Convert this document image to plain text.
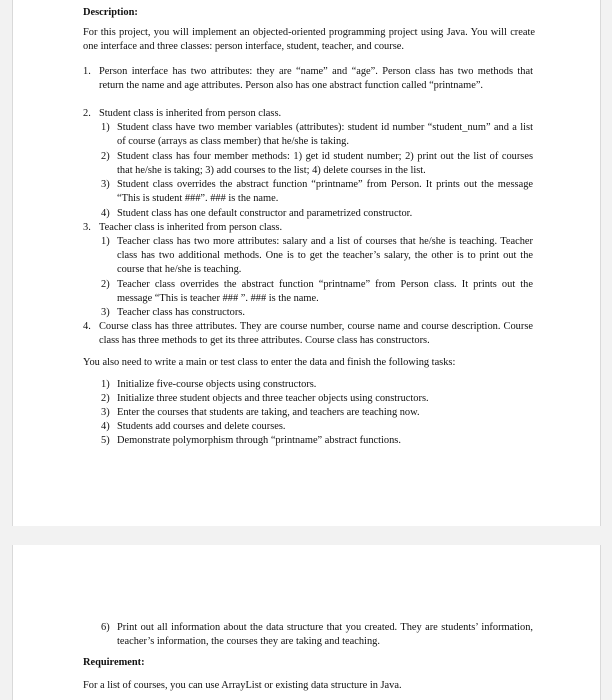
Description:
For this project, you will implement an objected-oriented programming project using Java. You will create one interface and three classes: person interface, student, teacher, and course.
1. Person interface has two attributes: they are “name” and “age”. Person class has two methods that return the name and age attributes. Person also has one abstract function called “printname”.
2. Student class is inherited from person class.
1) Student class have two member variables (attributes): student id number “student_num” and a list of course (arrays as class member) that he/she is taking.
2) Student class has four member methods: 1) get id student number; 2) print out the list of courses that he/she is taking; 3) add courses to the list; 4) delete courses in the list.
3) Student class overrides the abstract function “printname” from Person. It prints out the message “This is student ###”. ### is the name.
4) Student class has one default constructor and parametrized constructor.
3. Teacher class is inherited from person class.
1) Teacher class has two more attributes: salary and a list of courses that he/she is teaching. Teacher class has two additional methods. One is to get the teacher’s salary, the other is to print out the course that he/she is teaching.
2) Teacher class overrides the abstract function “printname” from Person class. It prints out the message “This is teacher ### ”. ### is the name.
3) Teacher class has constructors.
4. Course class has three attributes. They are course number, course name and course description. Course class has three methods to get its three attributes. Course class has constructors.
You also need to write a main or test class to enter the data and finish the following tasks:
1) Initialize five-course objects using constructors.
2) Initialize three student objects and three teacher objects using constructors.
3) Enter the courses that students are taking, and teachers are teaching now.
4) Students add courses and delete courses.
5) Demonstrate polymorphism through “printname” abstract functions.
6) Print out all information about the data structure that you created. They are students’ information, teacher’s information, the courses they are taking and teaching.
Requirement:
For a list of courses, you can use ArrayList or existing data structure in Java.
